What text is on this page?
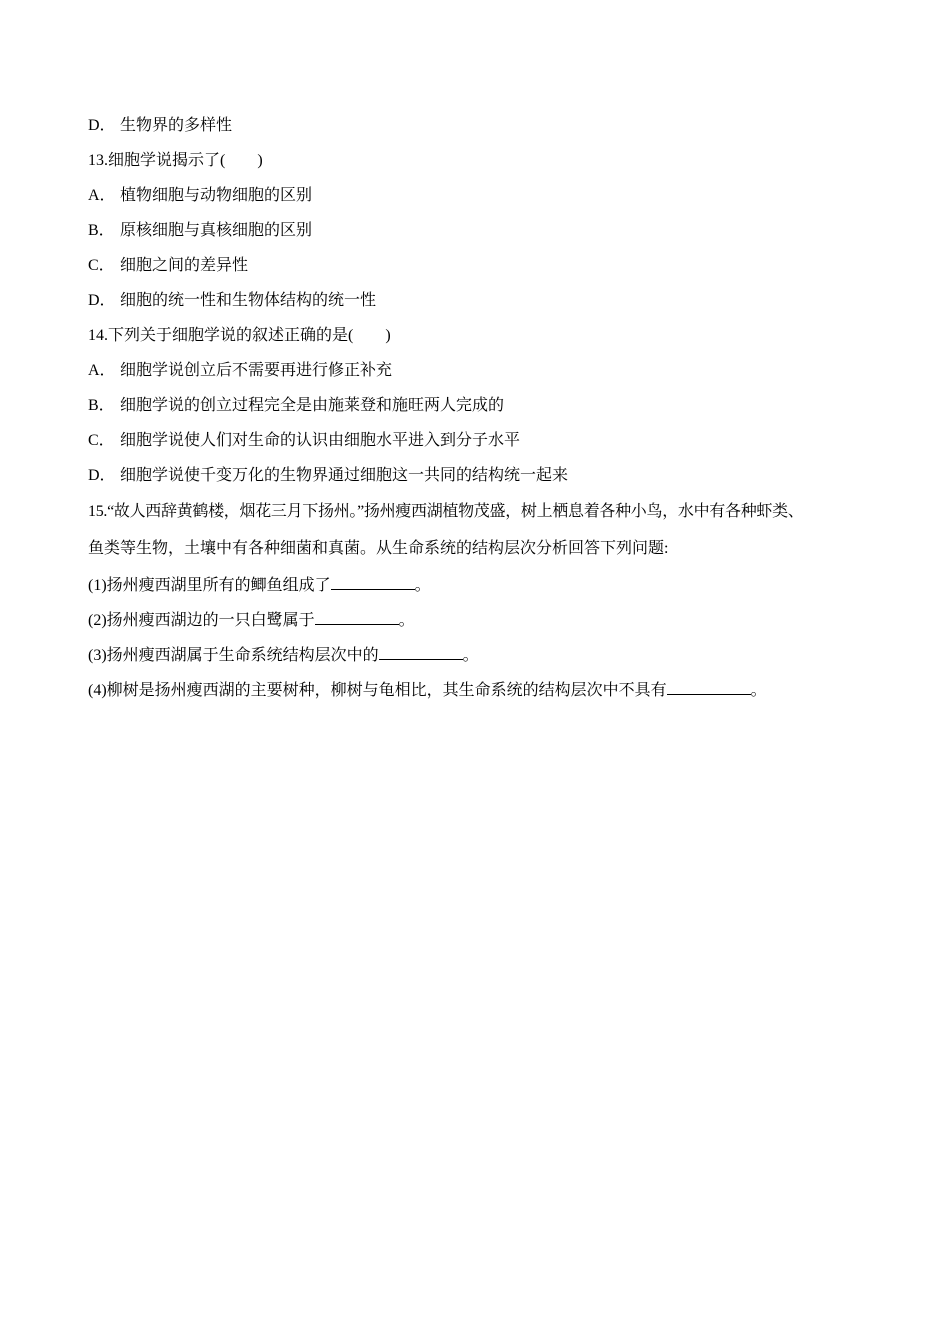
D． 生物界的多样性
13.细胞学说揭示了(　　)
A． 植物细胞与动物细胞的区别
B． 原核细胞与真核细胞的区别
C． 细胞之间的差异性
D． 细胞的统一性和生物体结构的统一性
14.下列关于细胞学说的叙述正确的是(　　)
A． 细胞学说创立后不需要再进行修正补充
B． 细胞学说的创立过程完全是由施莱登和施旺两人完成的
C． 细胞学说使人们对生命的认识由细胞水平进入到分子水平
D． 细胞学说使千变万化的生物界通过细胞这一共同的结构统一起来
15.“故人西辞黄鹤楼，烟花三月下扬州。”扬州瘦西湖植物茂盛，树上栖息着各种小鸟，水中有各种虾类、
鱼类等生物，土壤中有各种细菌和真菌。从生命系统的结构层次分析回答下列问题:
(1)扬州瘦西湖里所有的鲫鱼组成了	。
(2)扬州瘦西湖边的一只白鹭属于	。
(3)扬州瘦西湖属于生命系统结构层次中的	。
(4)柳树是扬州瘦西湖的主要树种，柳树与龟相比，其生命系统的结构层次中不具有	。
